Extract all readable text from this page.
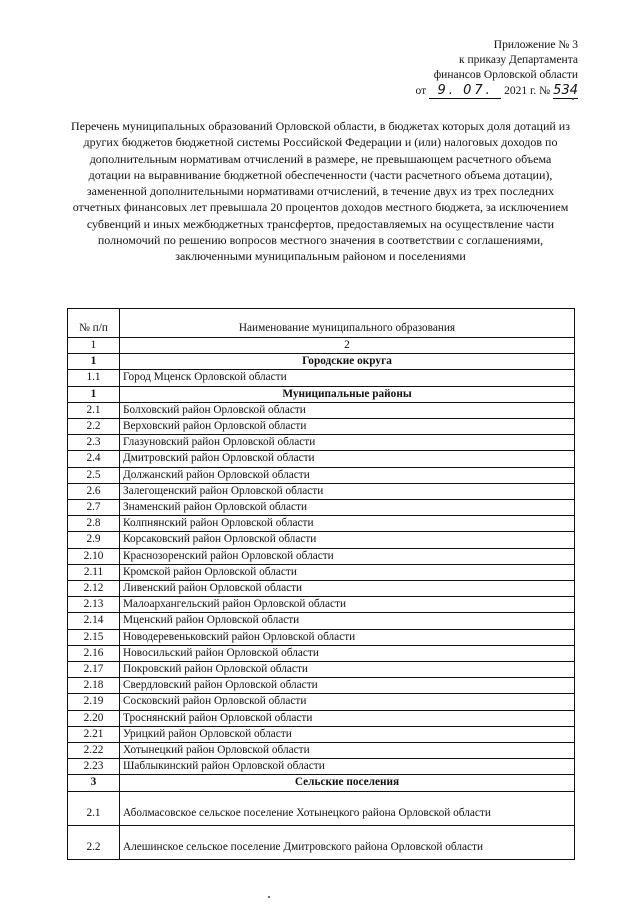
Приложение № 3
к приказу Департамента
финансов Орловской области
от 9. 07. 2021 г. № 534
Перечень муниципальных образований Орловской области, в бюджетах которых доля дотаций из других бюджетов бюджетной системы Российской Федерации и (или) налоговых доходов по дополнительным нормативам отчислений в размере, не превышающем расчетного объема дотации на выравнивание бюджетной обеспеченности (части расчетного объема дотации), замененной дополнительными нормативами отчислений, в течение двух из трех последних отчетных финансовых лет превышала 20 процентов доходов местного бюджета, за исключением субвенций и иных межбюджетных трансфертов, предоставляемых на осуществление части полномочий по решению вопросов местного значения в соответствии с соглашениями, заключенными муниципальным районом и поселениями
№ п/п	Наименование муниципального образования
1	2
1	Городские округа
1.1	Город Мценск Орловской области
1	Муниципальные районы
2.1	Болховский район Орловской области
2.2	Верховский район Орловской области
2.3	Глазуновский район Орловской области
2.4	Дмитровский район Орловской области
2.5	Должанский район Орловской области
2.6	Залегощенский район Орловской области
2.7	Знаменский район Орловской области
2.8	Колпнянский район Орловской области
2.9	Корсаковский район Орловской области
2.10	Краснозоренский район Орловской области
2.11	Кромской район Орловской области
2.12	Ливенский район Орловской области
2.13	Малоархангельский район Орловской области
2.14	Мценский район Орловской области
2.15	Новодеревеньковский район Орловской области
2.16	Новосильский район Орловской области
2.17	Покровский район Орловской области
2.18	Свердловский район Орловской области
2.19	Сосковский район Орловской области
2.20	Троснянский район Орловской области
2.21	Урицкий район Орловской области
2.22	Хотынецкий район Орловской области
2.23	Шаблыкинский район Орловской области
3	Сельские поселения
2.1	Аболмасовское сельское поселение Хотынецкого района Орловской области
2.2	Алешинское сельское поселение Дмитровского района Орловской области
